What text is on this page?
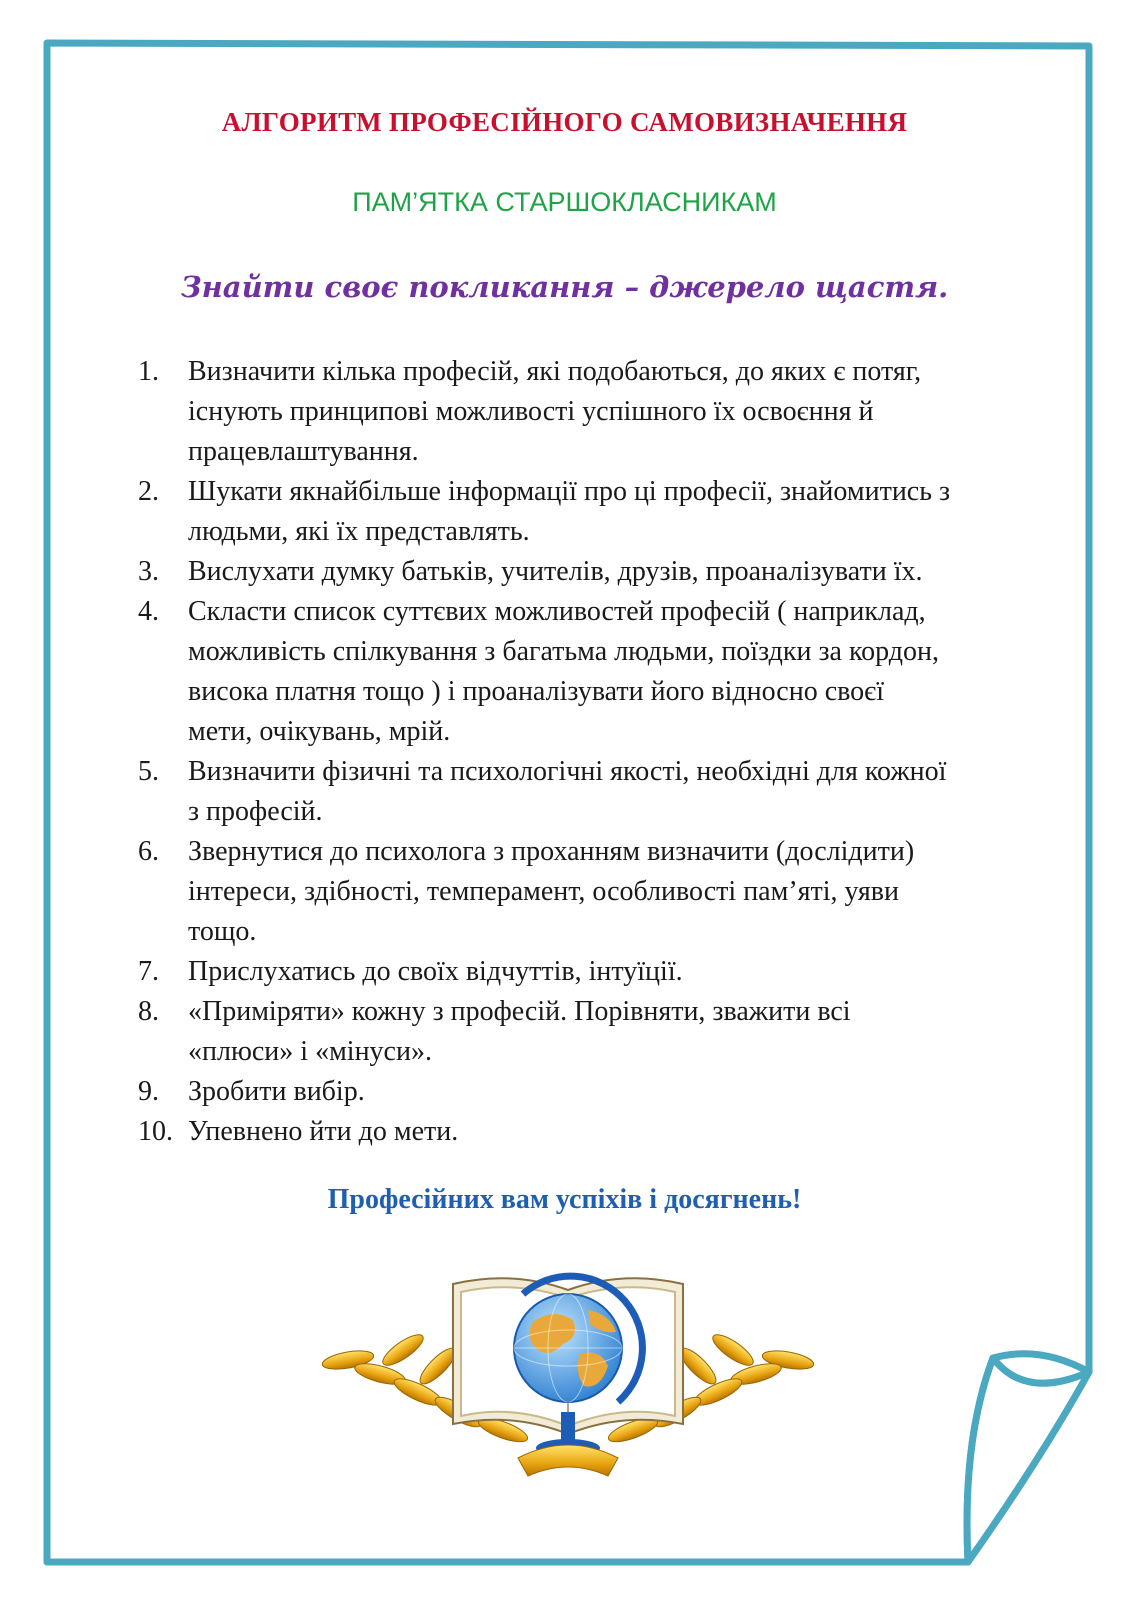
АЛГОРИТМ ПРОФЕСІЙНОГО САМОВИЗНАЧЕННЯ
ПАМ’ЯТКА СТАРШОКЛАСНИКАМ
Знайти своє покликання – джерело щастя.
1.	Визначити кілька професій, які подобаються, до яких є потяг,
існують принципові можливості успішного їх освоєння й
працевлаштування.
2.	Шукати якнайбільше інформації про ці професії, знайомитись з
людьми, які їх представлять.
3.	Вислухати думку батьків, учителів, друзів, проаналізувати їх.
4.	Скласти список суттєвих можливостей професій ( наприклад,
можливість спілкування з багатьма людьми, поїздки за кордон,
висока платня тощо ) і проаналізувати його відносно своєї
мети, очікувань, мрій.
5.	Визначити фізичні та психологічні якості, необхідні для кожної
з професій.
6.	Звернутися до психолога з проханням визначити (дослідити)
інтереси, здібності, темперамент, особливості пам’яті, уяви
тощо.
7.	Прислухатись до своїх відчуттів, інтуїції.
8.	«Приміряти» кожну з професій. Порівняти, зважити всі
«плюси» і «мінуси».
9.	Зробити вибір.
10. Упевнено йти до мети.
Професійних вам успіхів і досягнень!
